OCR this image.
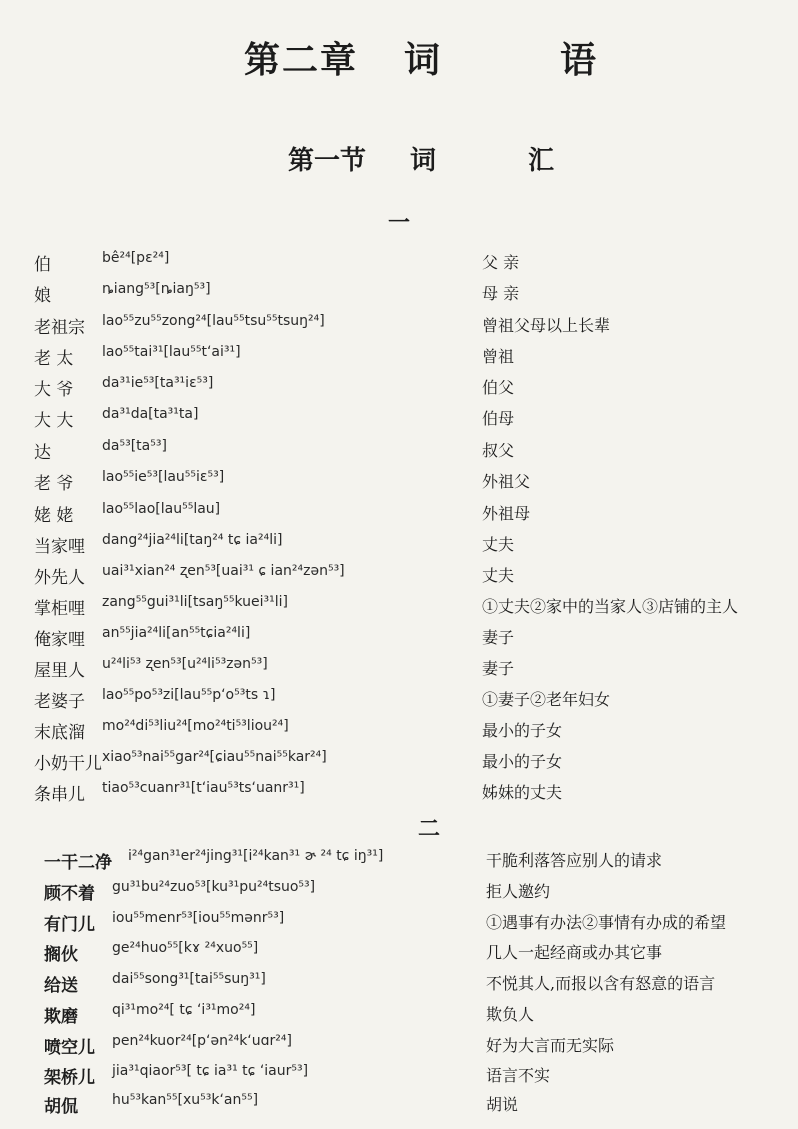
第二章 词	语
第一节 词	汇
一
伯	bê²⁴[pɛ²⁴]	父 亲
娘	ȵiang⁵³[ȵiaŋ⁵³]	母 亲
老祖宗 lao⁵⁵zu⁵⁵zong²⁴[lau⁵⁵tsu⁵⁵tsuŋ²⁴]	曾祖父母以上长辈
老 太 lao⁵⁵tai³¹[lau⁵⁵t‘ai³¹]	曾祖
大 爷 da³¹ie⁵³[ta³¹iɛ⁵³]	伯父
大 大 da³¹da[ta³¹ta]	伯母
达	da⁵³[ta⁵³]	叔父
老 爷 lao⁵⁵ie⁵³[lau⁵⁵iɛ⁵³]	外祖父
姥 姥 lao⁵⁵lao[lau⁵⁵lau]	外祖母
当家哩 dang²⁴jia²⁴li[taŋ²⁴ tɕ ia²⁴li]	丈夫
外先人 uai³¹xian²⁴ ʐen⁵³[uai³¹ ɕ ian²⁴zən⁵³]	丈夫
掌柜哩 zang⁵⁵gui³¹li[tsaŋ⁵⁵kuei³¹li]	①丈夫②家中的当家人③店铺的主人
俺家哩 an⁵⁵jia²⁴li[an⁵⁵tɕia²⁴li]	妻子
屋里人 u²⁴li⁵³ ʐen⁵³[u²⁴li⁵³zən⁵³]	妻子
老婆子 lao⁵⁵po⁵³zi[lau⁵⁵p‘o⁵³ts ɿ]	①妻子②老年妇女
末底溜 mo²⁴di⁵³liu²⁴[mo²⁴ti⁵³liou²⁴]	最小的子女
小奶干儿 xiao⁵³nai⁵⁵gar²⁴[ɕiau⁵⁵nai⁵⁵kar²⁴]	最小的子女
条串儿 tiao⁵³cuanr³¹[t‘iau⁵³ts‘uanr³¹]	姊妹的丈夫
二
一干二净 i²⁴gan³¹er²⁴jing³¹[i²⁴kan³¹ ɚ ²⁴ tɕ iŋ³¹]	干脆利落答应别人的请求
顾不着 gu³¹bu²⁴zuo⁵³[ku³¹pu²⁴tsuo⁵³]	拒人邀约
有门儿 iou⁵⁵menr⁵³[iou⁵⁵mənr⁵³]	①遇事有办法②事情有办成的希望
搁伙 ge²⁴huo⁵⁵[kɤ ²⁴xuo⁵⁵]	几人一起经商或办其它事
给送 dai⁵⁵song³¹[tai⁵⁵suŋ³¹]	不悦其人,而报以含有怒意的语言
欺磨 qi³¹mo²⁴[ tɕ ‘i³¹mo²⁴]	欺负人
喷空儿 pen²⁴kuor²⁴[p‘ən²⁴k‘uɑr²⁴]	好为大言而无实际
架桥儿 jia³¹qiaor⁵³[ tɕ ia³¹ tɕ ‘iaur⁵³]	语言不实
胡侃 hu⁵³kan⁵⁵[xu⁵³k‘an⁵⁵]	胡说
